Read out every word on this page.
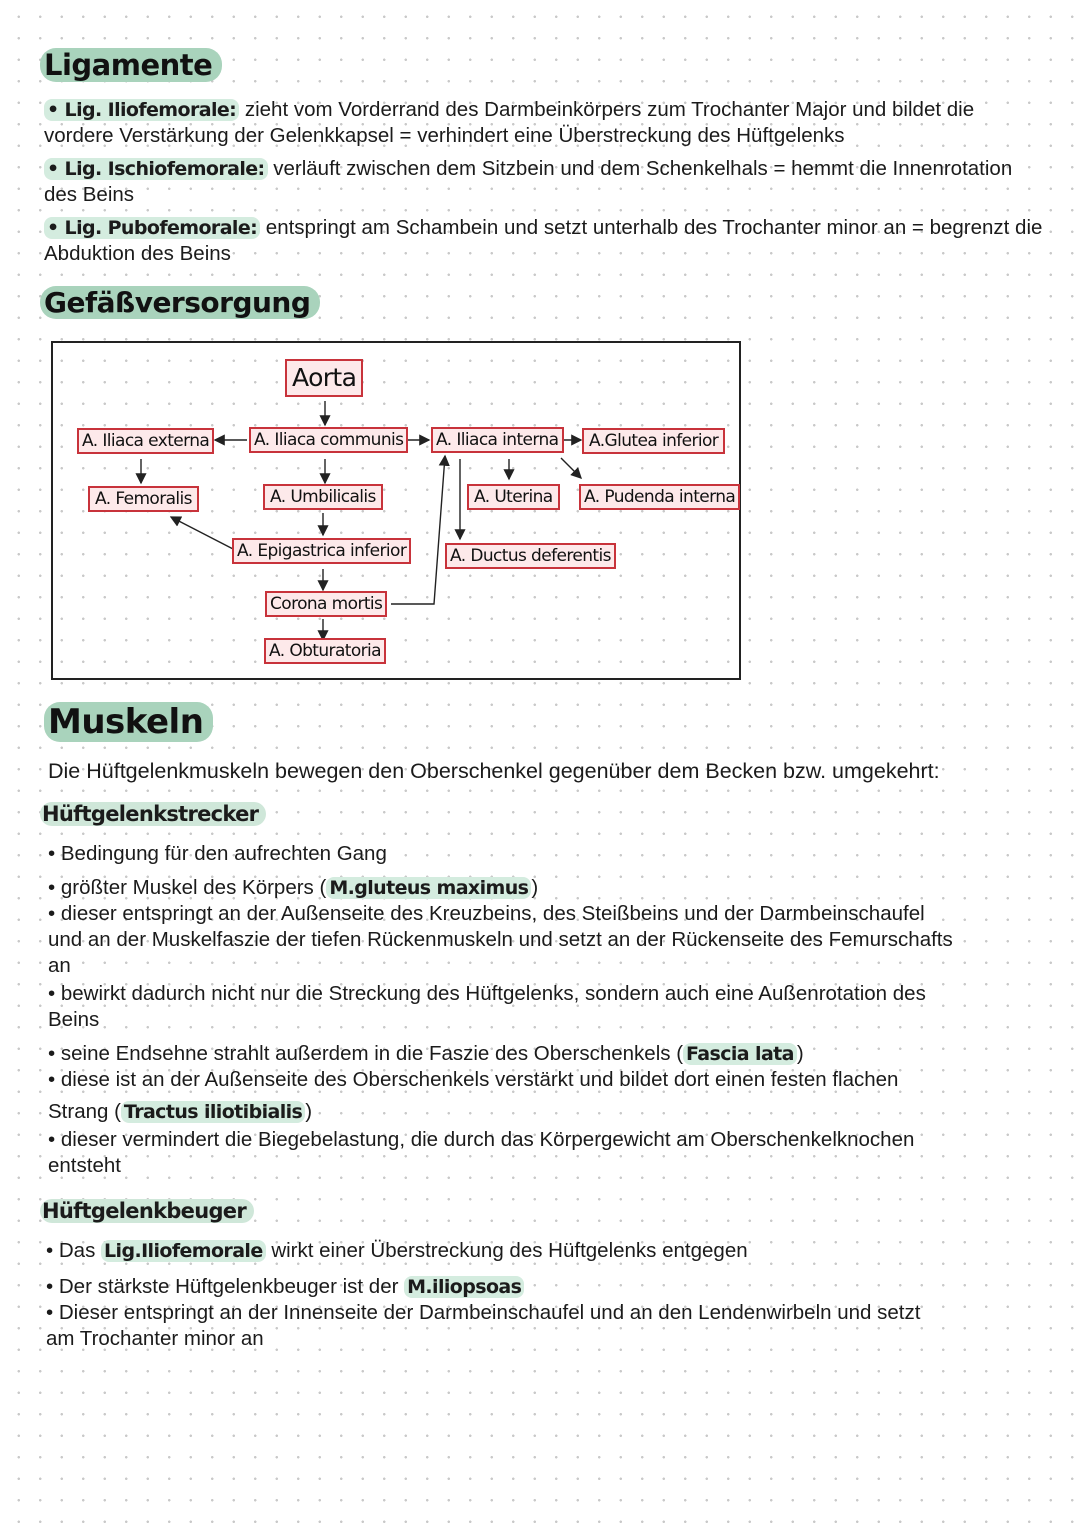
Ligamente
• Lig. Iliofemorale: zieht vom Vorderrand des Darmbeinkörpers zum Trochanter Major und bildet die
vordere Verstärkung der Gelenkkapsel = verhindert eine Überstreckung des Hüftgelenks
• Lig. Ischiofemorale: verläuft zwischen dem Sitzbein und dem Schenkelhals = hemmt die Innenrotation
des Beins
• Lig. Pubofemorale: entspringt am Schambein und setzt unterhalb des Trochanter minor an = begrenzt die
Abduktion des Beins
Gefäßversorgung
Aorta
A. Iliaca communis
A. Iliaca externa	A. Iliaca interna	A.Glutea inferior
A. Femoralis	A. Umbilicalis	A. Uterina	A. Pudenda interna
A. Epigastrica inferior	A. Ductus deferentis
Corona mortis
A. Obturatoria
Muskeln
Die Hüftgelenkmuskeln bewegen den Oberschenkel gegenüber dem Becken bzw. umgekehrt:
Hüftgelenkstrecker
• Bedingung für den aufrechten Gang
• größter Muskel des Körpers ( M.gluteus maximus )
• dieser entspringt an der Außenseite des Kreuzbeins, des Steißbeins und der Darmbeinschaufel
und an der Muskelfaszie der tiefen Rückenmuskeln und setzt an der Rückenseite des Femurschafts
an
• bewirkt dadurch nicht nur die Streckung des Hüftgelenks, sondern auch eine Außenrotation des
Beins
• seine Endsehne strahlt außerdem in die Faszie des Oberschenkels ( Fascia lata )
• diese ist an der Außenseite des Oberschenkels verstärkt und bildet dort einen festen flachen
Strang ( Tractus iliotibialis )
• dieser vermindert die Biegebelastung, die durch das Körpergewicht am Oberschenkelknochen
entsteht
Hüftgelenkbeuger
• Das Lig.Iliofemorale wirkt einer Überstreckung des Hüftgelenks entgegen
• Der stärkste Hüftgelenkbeuger ist der M.iliopsoas
• Dieser entspringt an der Innenseite der Darmbeinschaufel und an den Lendenwirbeln und setzt
am Trochanter minor an
